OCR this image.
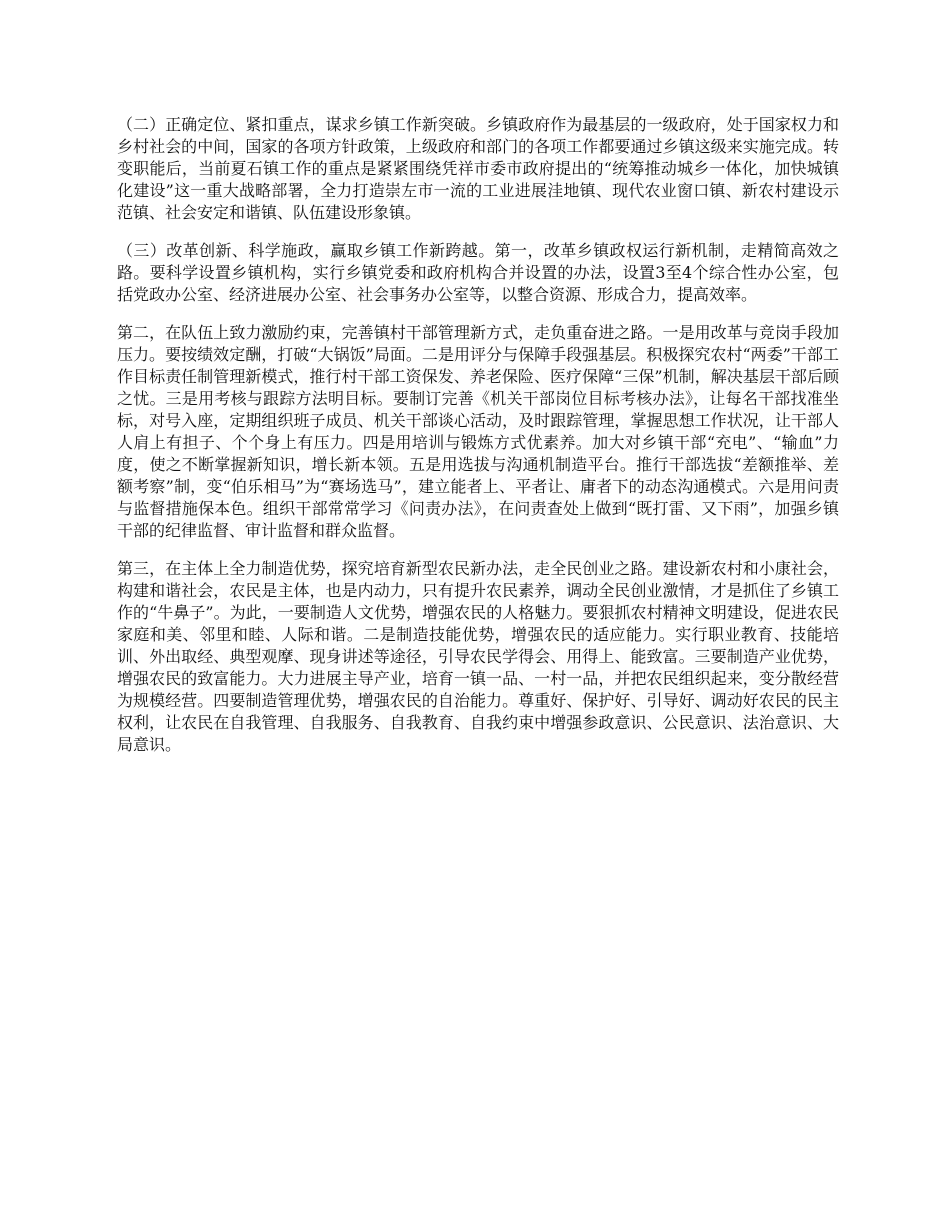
（二）正确定位、紧扣重点，谋求乡镇工作新突破。乡镇政府作为最基层的一级政府，处于国家权力和乡村社会的中间，国家的各项方针政策，上级政府和部门的各项工作都要通过乡镇这级来实施完成。转变职能后，当前夏石镇工作的重点是紧紧围绕凭祥市委市政府提出的“统筹推动城乡一体化，加快城镇化建设”这一重大战略部署，全力打造崇左市一流的工业进展洼地镇、现代农业窗口镇、新农村建设示范镇、社会安定和谐镇、队伍建设形象镇。

（三）改革创新、科学施政，赢取乡镇工作新跨越。第一，改革乡镇政权运行新机制，走精简高效之路。要科学设置乡镇机构，实行乡镇党委和政府机构合并设置的办法，设置3至4个综合性办公室，包括党政办公室、经济进展办公室、社会事务办公室等，以整合资源、形成合力，提高效率。

第二，在队伍上致力激励约束，完善镇村干部管理新方式，走负重奋进之路。一是用改革与竞岗手段加压力。要按绩效定酬，打破“大锅饭”局面。二是用评分与保障手段强基层。积极探究农村“两委”干部工作目标责任制管理新模式，推行村干部工资保发、养老保险、医疗保障“三保”机制，解决基层干部后顾之忧。三是用考核与跟踪方法明目标。要制订完善《机关干部岗位目标考核办法》，让每名干部找准坐标，对号入座，定期组织班子成员、机关干部谈心活动，及时跟踪管理，掌握思想工作状况，让干部人人肩上有担子、个个身上有压力。四是用培训与锻炼方式优素养。加大对乡镇干部“充电”、“输血”力度，使之不断掌握新知识，增长新本领。五是用选拔与沟通机制造平台。推行干部选拔“差额推举、差额考察”制，变“伯乐相马”为“赛场选马”，建立能者上、平者让、庸者下的动态沟通模式。六是用问责与监督措施保本色。组织干部常常学习《问责办法》，在问责查处上做到“既打雷、又下雨”，加强乡镇干部的纪律监督、审计监督和群众监督。

第三，在主体上全力制造优势，探究培育新型农民新办法，走全民创业之路。建设新农村和小康社会，构建和谐社会，农民是主体，也是内动力，只有提升农民素养，调动全民创业激情，才是抓住了乡镇工作的“牛鼻子”。为此，一要制造人文优势，增强农民的人格魅力。要狠抓农村精神文明建设，促进农民家庭和美、邻里和睦、人际和谐。二是制造技能优势，增强农民的适应能力。实行职业教育、技能培训、外出取经、典型观摩、现身讲述等途径，引导农民学得会、用得上、能致富。三要制造产业优势，增强农民的致富能力。大力进展主导产业，培育一镇一品、一村一品，并把农民组织起来，变分散经营为规模经营。四要制造管理优势，增强农民的自治能力。尊重好、保护好、引导好、调动好农民的民主权利，让农民在自我管理、自我服务、自我教育、自我约束中增强参政意识、公民意识、法治意识、大局意识。
